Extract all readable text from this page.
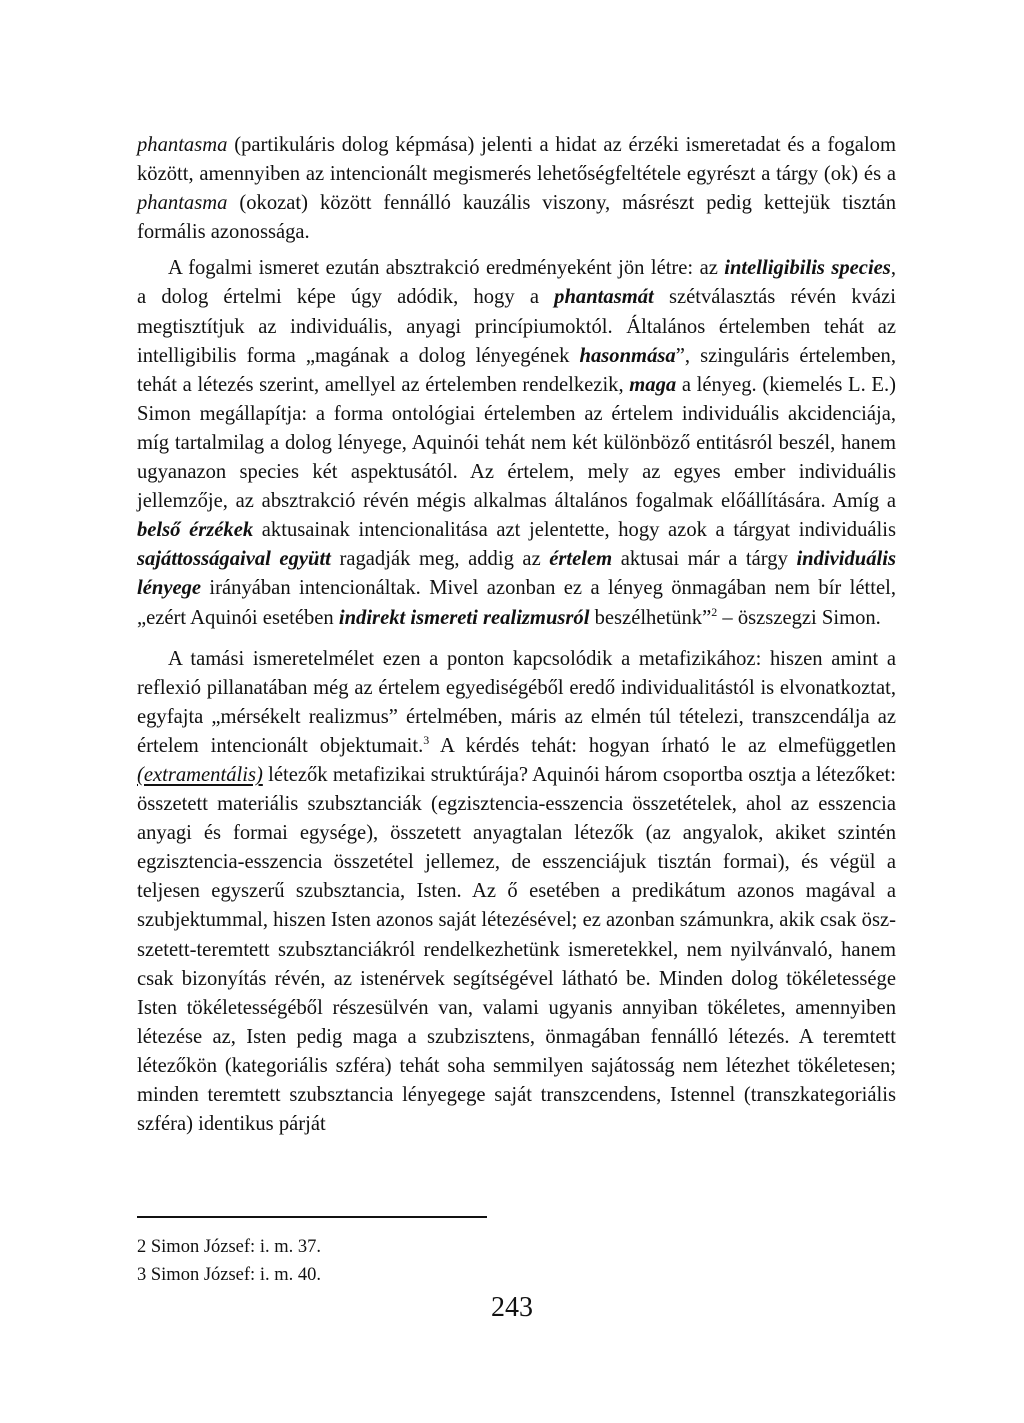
phantasma (partikuláris dolog képmása) jelenti a hidat az érzéki ismeretadat és a fogalom között, amennyiben az intencionált megismerés lehetőségfeltétele egyrészt a tárgy (ok) és a phantasma (okozat) között fennálló kauzális viszony, másrészt pedig kettejük tisztán formális azonossága.

A fogalmi ismeret ezután absztrakció eredményeként jön létre: az intelligibilis species, a dolog értelmi képe úgy adódik, hogy a phantasmát szétválasztás révén kvázi megtisztítjuk az individuális, anyagi princípiumoktól. Általános értelemben tehát az intelligibilis forma „magának a dolog lényegének hasonmása”, szinguláris értelemben, tehát a létezés szerint, amellyel az értelemben rendelkezik, maga a lényeg. (kiemelés L. E.) Simon megállapítja: a forma ontológiai értelemben az értelem individuális akcidenciája, míg tartalmilag a dolog lényege, Aquinói tehát nem két különböző entitásról beszél, hanem ugyanazon species két aspektusától. Az értelem, mely az egyes ember individuális jellemzője, az absztrakció révén mégis alkalmas általános fogalmak előállítására. Amíg a belső érzékek aktusainak intencionalitása azt jelentette, hogy azok a tárgyat individuális sajáttosságaival együtt ragadják meg, addig az értelem aktusai már a tárgy individuális lényege irányában intencionáltak. Mivel azonban ez a lényeg önmagában nem bír léttel, „ezért Aquinói esetében indirekt ismereti realizmusról beszélhetünk”$^2$ – öszszegzi Simon.

A tamási ismeretelmélet ezen a ponton kapcsolódik a metafizikához: hiszen amint a reflexió pillanatában még az értelem egyediségéből eredő individualitástól is elvonatkoztat, egyfajta „mérsékelt realizmus” értelmében, máris az elmén túl tételezi, transzcendálja az értelem intencionált objektumait.$^3$ A kérdés tehát: hogyan írható le az elmefüggetlen (extramentális) létezők metafizikai struktúrája? Aquinói három csoportba osztja a létezőket: összetett materiális szubsztanciák (egzisztencia-esszencia összetételek, ahol az esszencia anyagi és formai egysége), összetett anyagtalan létezők (az angyalok, akiket szintén egzisztencia-esszencia összetétel jellemez, de esszenciájuk tisztán formai), és végül a teljesen egyszerű szubsztancia, Isten. Az ő esetében a predikátum azonos magával a szubjektummal, hiszen Isten azonos saját létezésével; ez azonban számunkra, akik csak öszszetett-teremtett szubsztanciákról rendelkezhetünk ismeretekkel, nem nyilvánvaló, hanem csak bizonyítás révén, az istenérvek segítségével látható be. Minden dolog tökéletessége Isten tökéletességéből részesülvén van, valami ugyanis annyiban tökéletes, amennyiben létezése az, Isten pedig maga a szubzisztens, önmagában fennálló létezés. A teremtett létezőkön (kategoriális szféra) tehát soha semmilyen sajátosság nem létezhet tökéletesen; minden teremtett szubsztancia lényegege saját transzcendens, Istennel (transzkategoriális szféra) identikus párját

2 Simon József: i. m. 37.
3 Simon József: i. m. 40.
243
